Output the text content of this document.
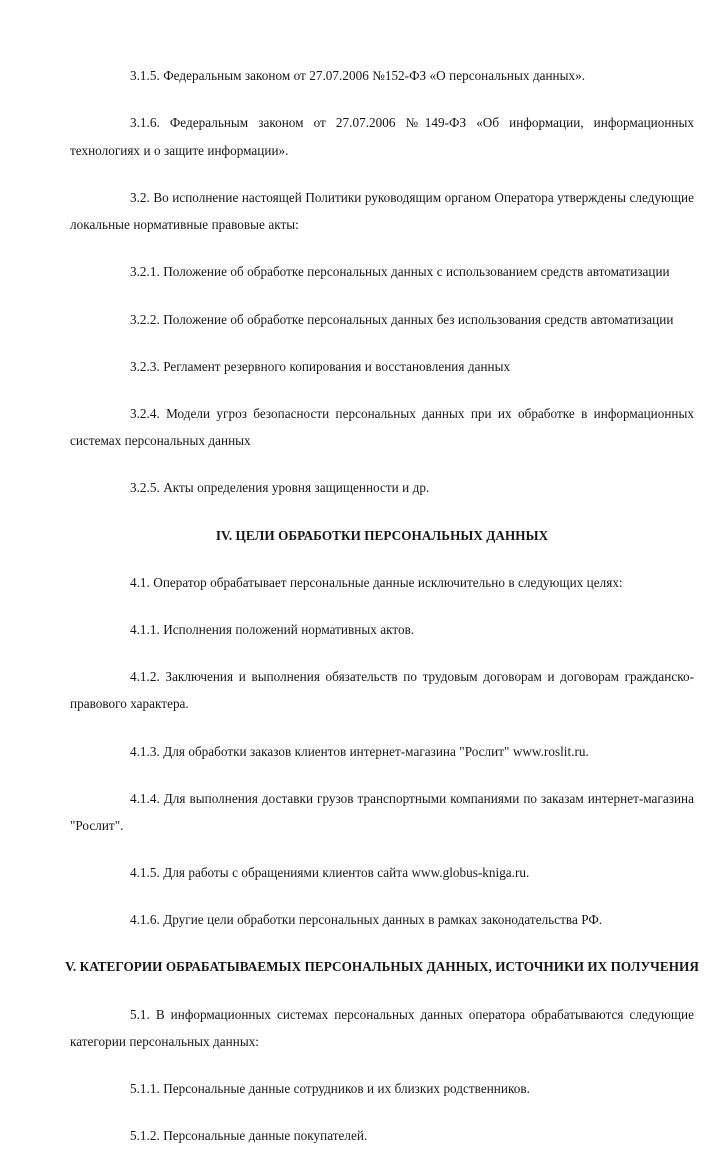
3.1.5. Федеральным законом от 27.07.2006 №152-ФЗ «О персональных данных».

3.1.6. Федеральным законом от 27.07.2006 №149-ФЗ «Об информации, информационных технологиях и о защите информации».

3.2. Во исполнение настоящей Политики руководящим органом Оператора утверждены следующие локальные нормативные правовые акты:

3.2.1. Положение об обработке персональных данных с использованием средств автоматизации

3.2.2. Положение об обработке персональных данных без использования средств автоматизации

3.2.3. Регламент резервного копирования и восстановления данных

3.2.4. Модели угроз безопасности персональных данных при их обработке в информационных системах персональных данных

3.2.5. Акты определения уровня защищенности и др.

IV. ЦЕЛИ ОБРАБОТКИ ПЕРСОНАЛЬНЫХ ДАННЫХ

4.1. Оператор обрабатывает персональные данные исключительно в следующих целях:

4.1.1. Исполнения положений нормативных актов.

4.1.2. Заключения и выполнения обязательств по трудовым договорам и договорам гражданско-правового характера.

4.1.3. Для обработки заказов клиентов интернет-магазина "Рослит" www.roslit.ru.

4.1.4. Для выполнения доставки грузов транспортными компаниями по заказам интернет-магазина "Рослит".

4.1.5. Для работы с обращениями клиентов сайта www.globus-kniga.ru.

4.1.6. Другие цели обработки персональных данных в рамках законодательства РФ.

V. КАТЕГОРИИ ОБРАБАТЫВАЕМЫХ ПЕРСОНАЛЬНЫХ ДАННЫХ, ИСТОЧНИКИ ИХ ПОЛУЧЕНИЯ

5.1. В информационных системах персональных данных оператора обрабатываются следующие категории персональных данных:

5.1.1. Персональные данные сотрудников и их близких родственников.

5.1.2. Персональные данные покупателей.
